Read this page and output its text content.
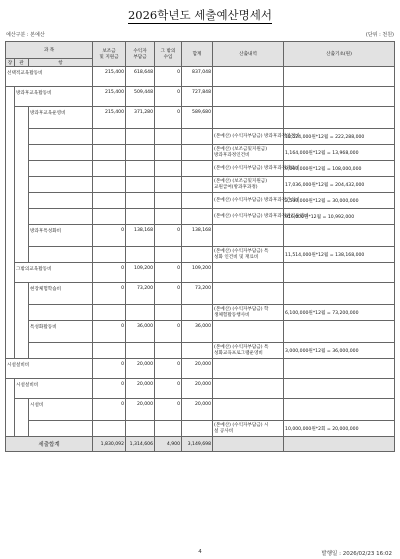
2026학년도 세출예산명세서
예산구분 : 본예산	(단위 : 천원)
과 목			보조금
및 지원금	수익자
부담금	그 밖의
수입	합계	산출내역	산출기초(원)
장	관	항						
선택적교육활동비			215,400	618,648	0	837,048		
	방과후교육활동비		215,400	509,448	0	727,848		
		방과후교육운영비	215,400	371,280	0	589,680		

							(본예산) (수익자부담금) 방과후과정인건비	18,524,000원*12월 = 222,288,000

							(본예산) (보조금및지원금)
방과후과정인건비	1,164,000원*12월 = 13,968,000

							(본예산) (수익자부담금) 방과후과정재료비	9,000,000원*12월 = 108,000,000

							(본예산) (보조금및지원금)
교원급여(방과후과정)	17,036,000원*12월 = 204,432,000

							(본예산) (수익자부담금) 방과후과정간식비	2,500,000원*12월 = 30,000,000

							(본예산) (수익자부담금) 방과후과정관리운영비	916,000원*12월 = 10,992,000
		방과후특성화비	0	138,168	0	138,168		

							(본예산) (수익자부담금) 특
성화 인건비 및 재료비	11,514,000원*12월 = 138,168,000
	그밖의교육활동비		0	109,200	0	109,200		
		현장체험학습비	0	73,200	0	73,200		

							(본예산) (수익자부담금) 학
생체험활동행사비	6,100,000원*12월 = 73,200,000
		특성화활동비	0	36,000	0	36,000		

							(본예산) (수익자부담금) 특
성화교육프로그램운영비	3,000,000원*12월 = 36,000,000
시설설비비			0	20,000	0	20,000		
	시설설비비		0	20,000	0	20,000		
		시설비	0	20,000	0	20,000		

							(본예산) (수익자부담금) 시
설 공사비	10,000,000원*2회 = 20,000,000
세출합계			1,830,092	1,314,606	4,900	3,149,698		
4	발행일 : 2026/02/23 16:02
